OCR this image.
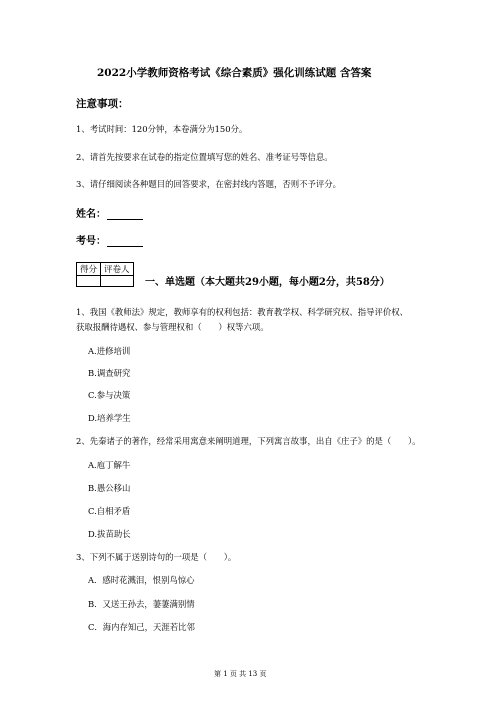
2022小学教师资格考试《综合素质》强化训练试题 含答案
注意事项：
1、考试时间：120分钟，本卷满分为150分。
2、请首先按要求在试卷的指定位置填写您的姓名、准考证号等信息。
3、请仔细阅读各种题目的回答要求，在密封线内答题，否则不予评分。
姓名：
考号：
得分	评卷人

一、单选题（本大题共29小题，每小题2分，共58分）
1、我国《教师法》规定，教师享有的权利包括：教育教学权、科学研究权、指导评价权、
获取报酬待遇权、参与管理权和（　　）权等六项。
A.进修培训
B.调查研究
C.参与决策
D.培养学生
2、先秦诸子的著作，经常采用寓意来阐明道理，下列寓言故事，出自《庄子》的是（　　）。
A.庖丁解牛
B.愚公移山
C.自相矛盾
D.拔苗助长
3、下列不属于送别诗句的一项是（　　）。
A．感时花溅泪，恨别鸟惊心
B．又送王孙去，萋萋满别情
C．海内存知己，天涯若比邻
第 1 页 共 13 页
